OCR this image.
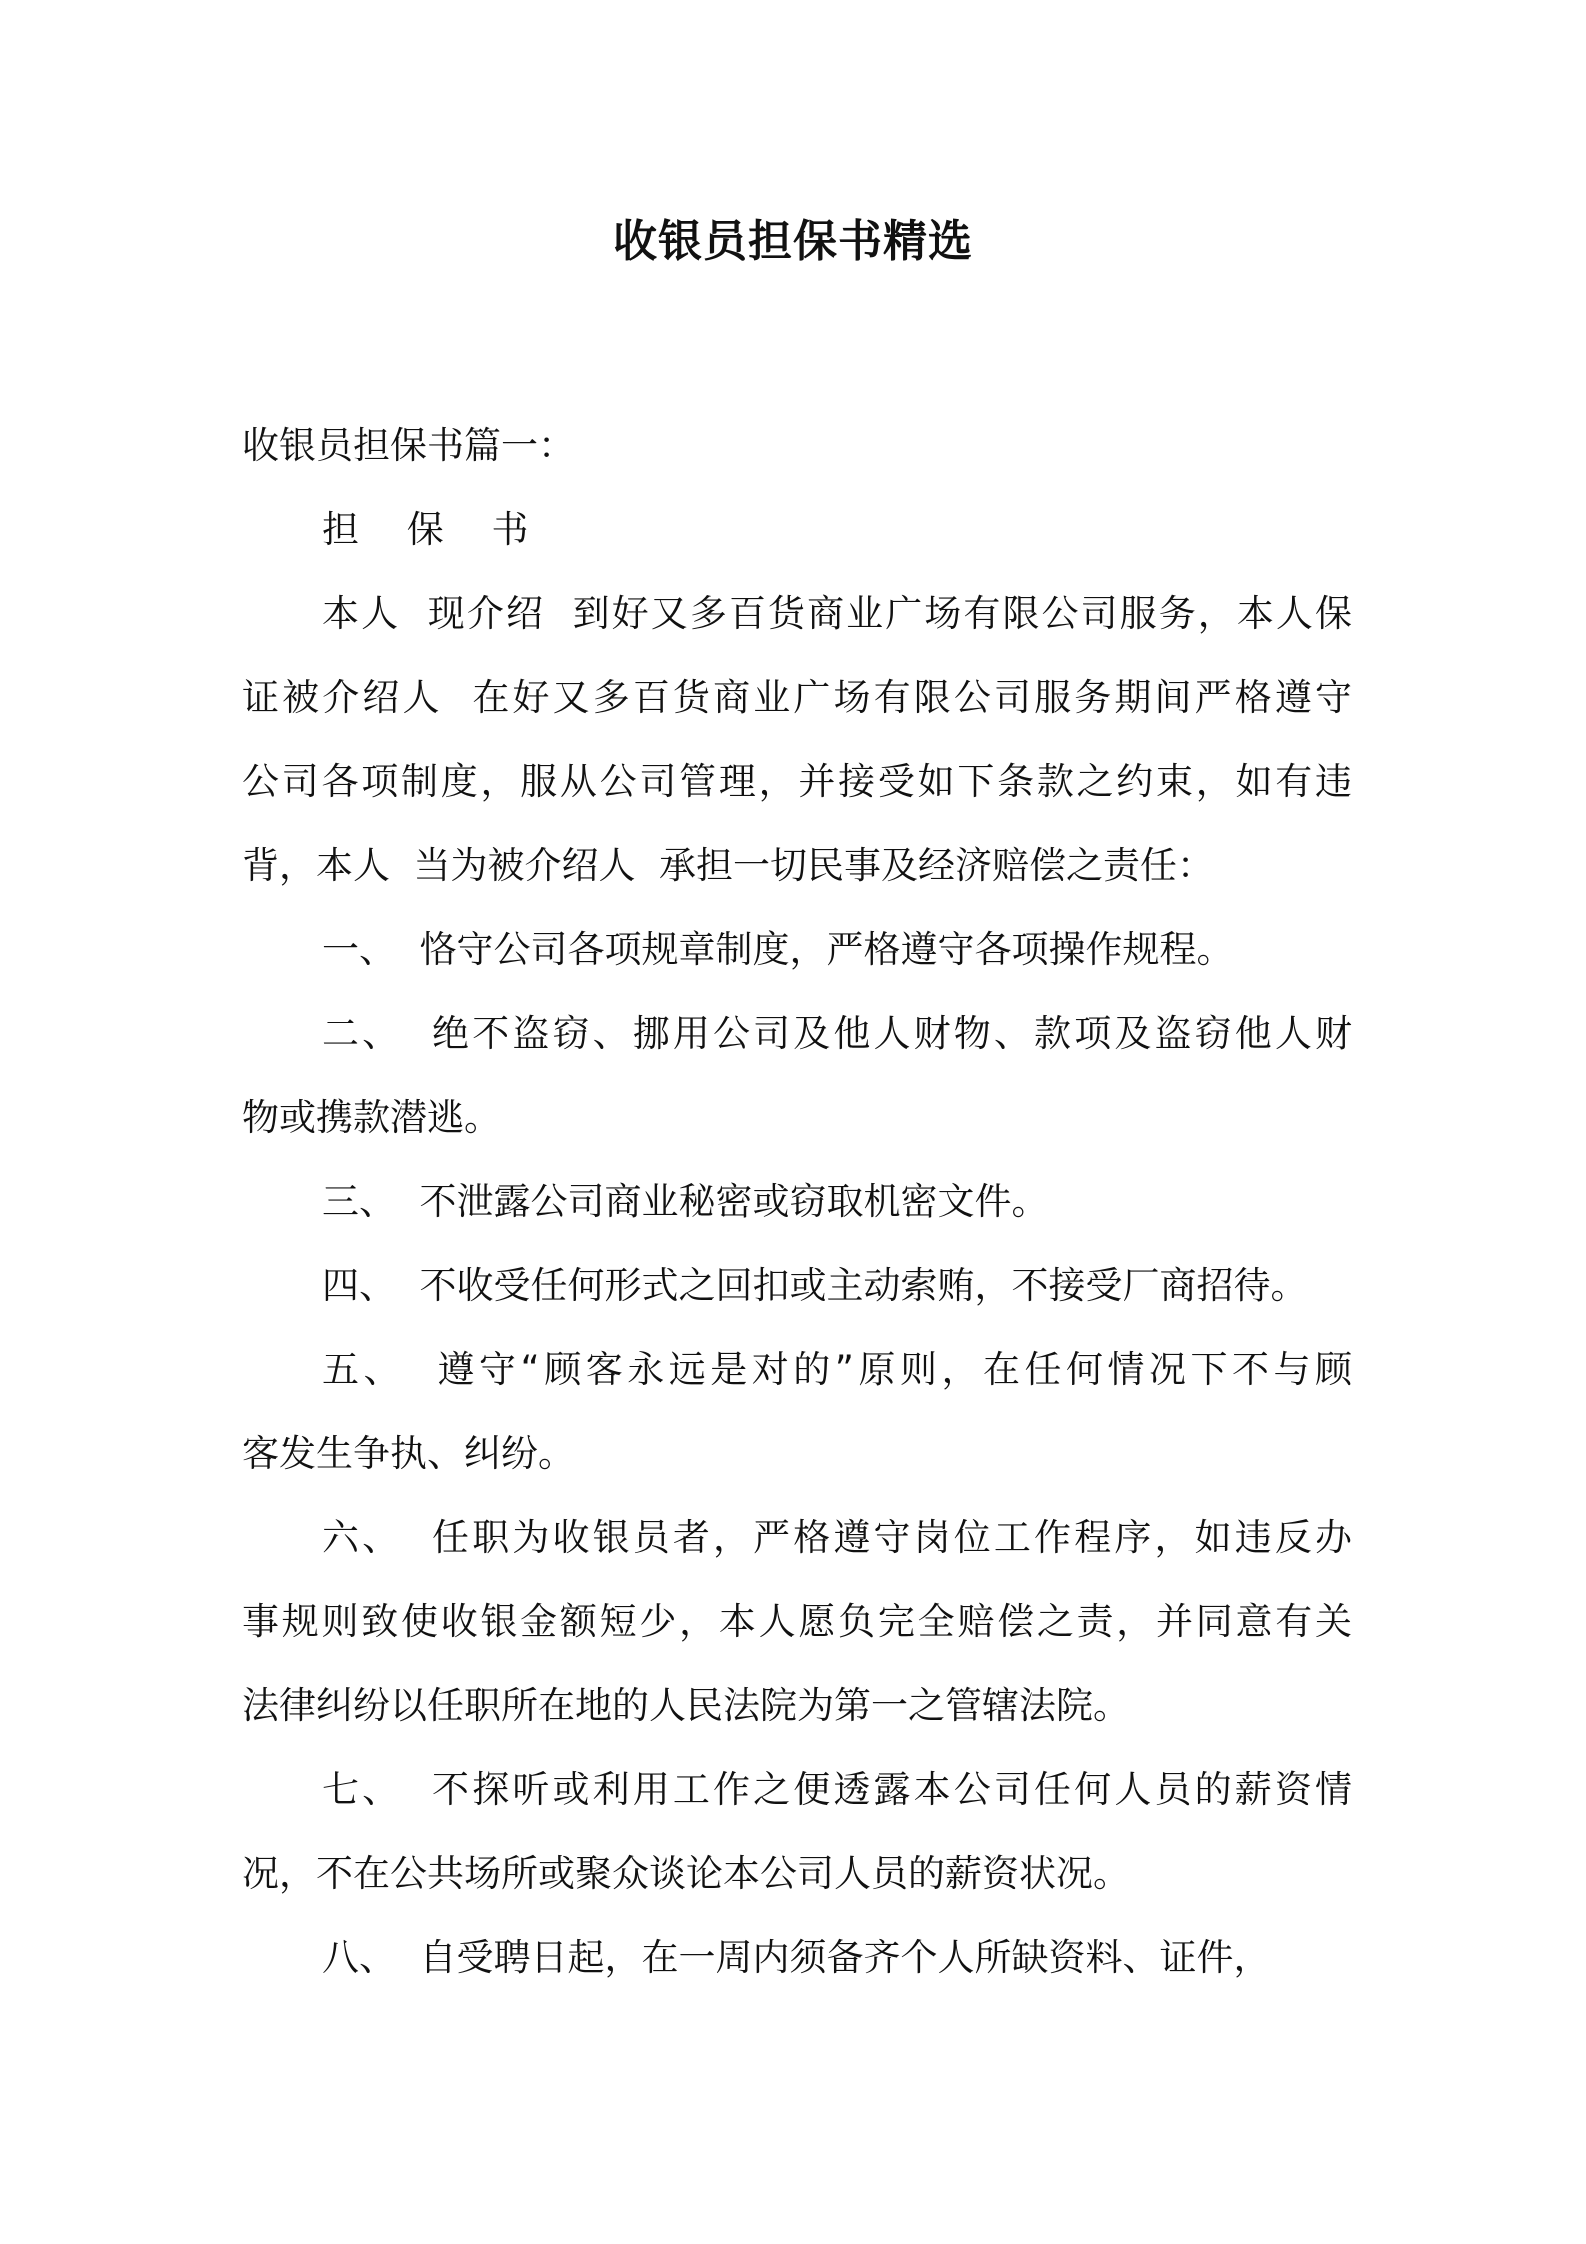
收银员担保书精选
收银员担保书篇一：
担 保 书
本人  现介绍  到好又多百货商业广场有限公司服务，本人保
证被介绍人  在好又多百货商业广场有限公司服务期间严格遵守
公司各项制度，服从公司管理，并接受如下条款之约束，如有违
背，本人  当为被介绍人  承担一切民事及经济赔偿之责任：
一、  恪守公司各项规章制度，严格遵守各项操作规程。
二、  绝不盗窃、挪用公司及他人财物、款项及盗窃他人财
物或携款潜逃。
三、  不泄露公司商业秘密或窃取机密文件。
四、  不收受任何形式之回扣或主动索贿，不接受厂商招待。
五、  遵守“顾客永远是对的”原则，在任何情况下不与顾
客发生争执、纠纷。
六、  任职为收银员者，严格遵守岗位工作程序，如违反办
事规则致使收银金额短少，本人愿负完全赔偿之责，并同意有关
法律纠纷以任职所在地的人民法院为第一之管辖法院。
七、  不探听或利用工作之便透露本公司任何人员的薪资情
况，不在公共场所或聚众谈论本公司人员的薪资状况。
八、  自受聘日起，在一周内须备齐个人所缺资料、证件，
